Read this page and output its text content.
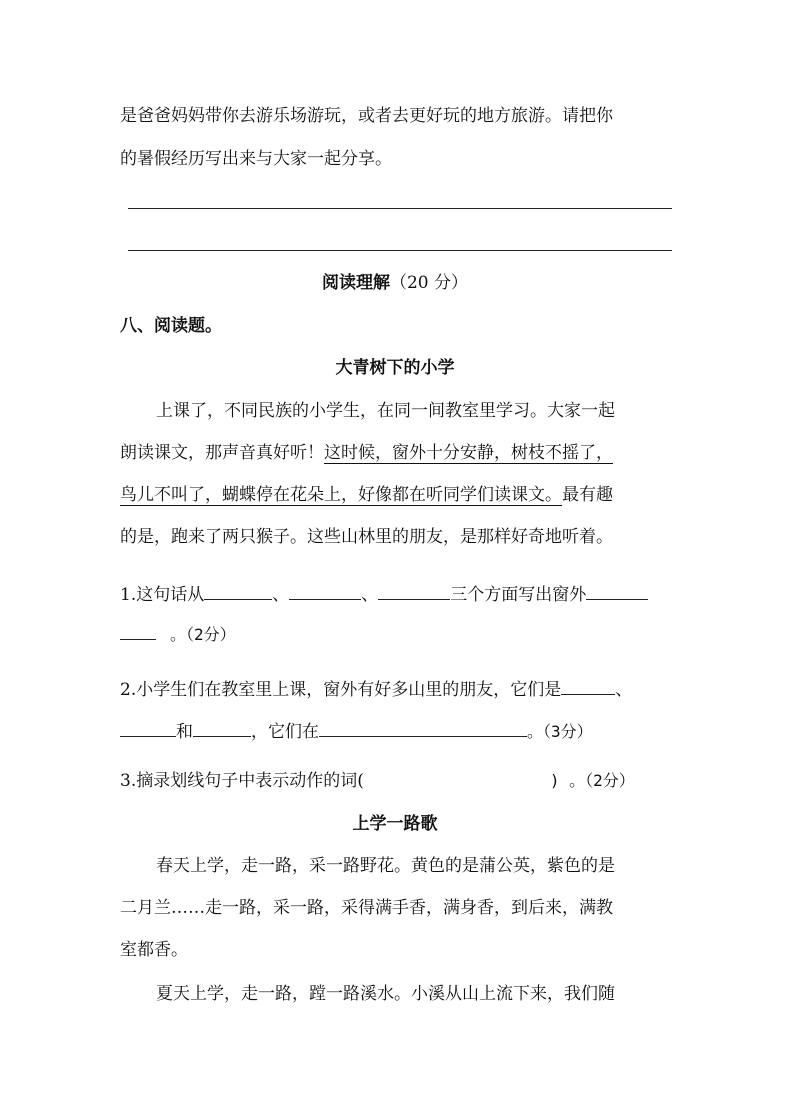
是爸爸妈妈带你去游乐场游玩，或者去更好玩的地方旅游。请把你
的暑假经历写出来与大家一起分享。
阅读理解（20 分）
八、阅读题。
大青树下的小学
上课了，不同民族的小学生，在同一间教室里学习。大家一起
朗读课文，那声音真好听！这时候，窗外十分安静，树枝不摇了，
鸟儿不叫了，蝴蝶停在花朵上，好像都在听同学们读课文。最有趣
的是，跑来了两只猴子。这些山林里的朋友，是那样好奇地听着。
1.这句话从	、	、	三个方面写出窗外
。（2分）
2.小学生们在教室里上课，窗外有好多山里的朋友，它们是	、
和	，它们在	。（3分）
3.摘录划线句子中表示动作的词(	) 。（2分）
上学一路歌
春天上学，走一路，采一路野花。黄色的是蒲公英，紫色的是
二月兰……走一路，采一路，采得满手香，满身香，到后来，满教
室都香。
夏天上学，走一路，蹚一路溪水。小溪从山上流下来，我们随
